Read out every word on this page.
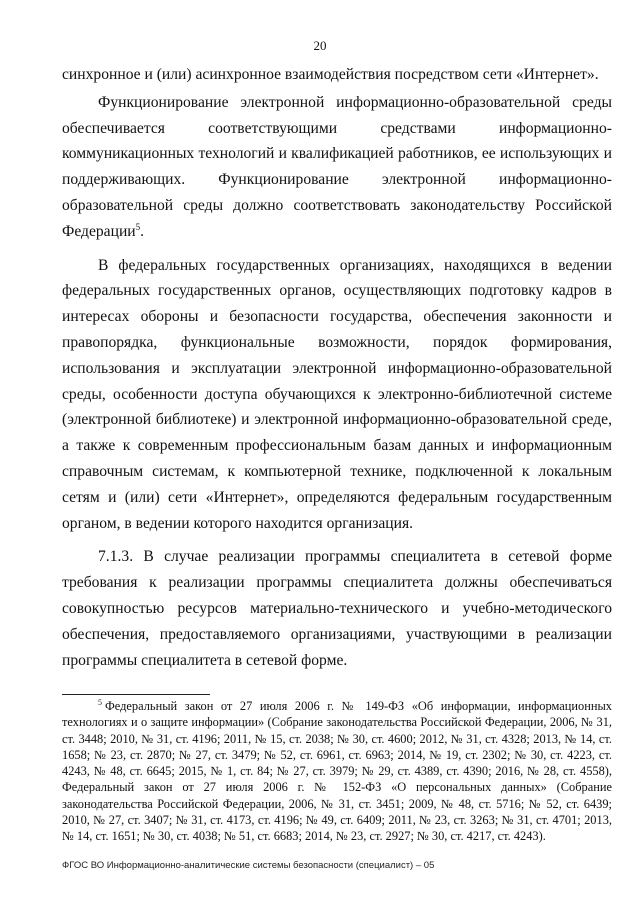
20

синхронное и (или) асинхронное взаимодействия посредством сети «Интернет».

Функционирование электронной информационно-образовательной среды обеспечивается соответствующими средствами информационно-коммуникационных технологий и квалификацией работников, ее использующих и поддерживающих. Функционирование электронной информационно-образовательной среды должно соответствовать законодательству Российской Федерации$^5$.

В федеральных государственных организациях, находящихся в ведении федеральных государственных органов, осуществляющих подготовку кадров в интересах обороны и безопасности государства, обеспечения законности и правопорядка, функциональные возможности, порядок формирования, использования и эксплуатации электронной информационно-образовательной среды, особенности доступа обучающихся к электронно-библиотечной системе (электронной библиотеке) и электронной информационно-образовательной среде, а также к современным профессиональным базам данных и информационным справочным системам, к компьютерной технике, подключенной к локальным сетям и (или) сети «Интернет», определяются федеральным государственным органом, в ведении которого находится организация.

7.1.3. В случае реализации программы специалитета в сетевой форме требования к реализации программы специалитета должны обеспечиваться совокупностью ресурсов материально-технического и учебно-методического обеспечения, предоставляемого организациями, участвующими в реализации программы специалитета в сетевой форме.

$^5$ Федеральный закон от 27 июля 2006 г. № 149-ФЗ «Об информации, информационных технологиях и о защите информации» (Собрание законодательства Российской Федерации, 2006, № 31, ст. 3448; 2010, № 31, ст. 4196; 2011, № 15, ст. 2038; № 30, ст. 4600; 2012, № 31, ст. 4328; 2013, № 14, ст. 1658; № 23, ст. 2870; № 27, ст. 3479; № 52, ст. 6961, ст. 6963; 2014, № 19, ст. 2302; № 30, ст. 4223, ст. 4243, № 48, ст. 6645; 2015, № 1, ст. 84; № 27, ст. 3979; № 29, ст. 4389, ст. 4390; 2016, № 28, ст. 4558), Федеральный закон от 27 июля 2006 г. № 152-ФЗ «О персональных данных» (Собрание законодательства Российской Федерации, 2006, № 31, ст. 3451; 2009, № 48, ст. 5716; № 52, ст. 6439; 2010, № 27, ст. 3407; № 31, ст. 4173, ст. 4196; № 49, ст. 6409; 2011, № 23, ст. 3263; № 31, ст. 4701; 2013, № 14, ст. 1651; № 30, ст. 4038; № 51, ст. 6683; 2014, № 23, ст. 2927; № 30, ст. 4217, ст. 4243).

ФГОС ВО Информационно-аналитические системы безопасности (специалист) – 05
